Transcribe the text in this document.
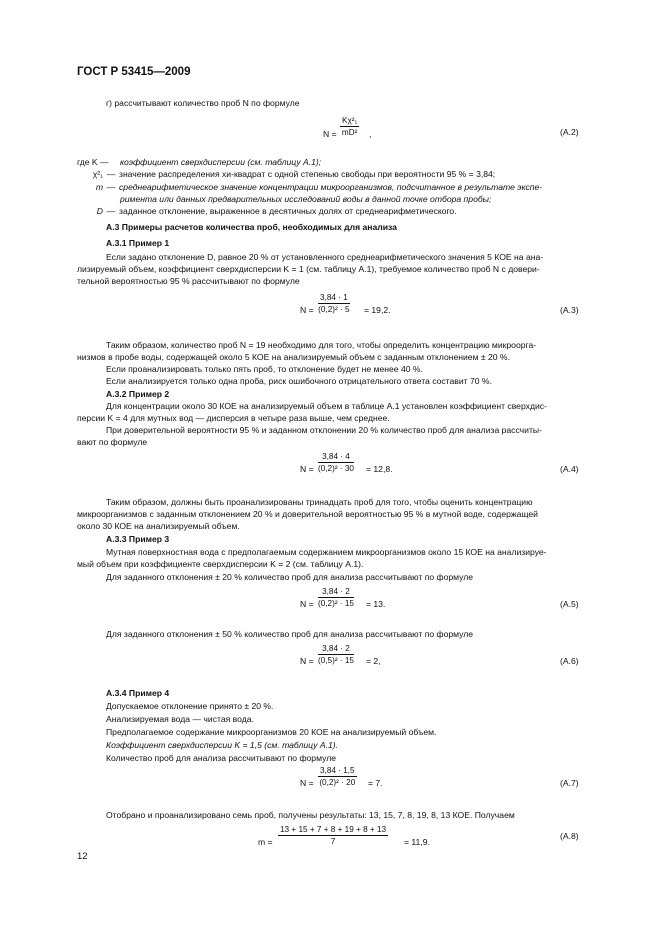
ГОСТ Р 53415—2009
г) рассчитывают количество проб N по формуле
$N = \frac{\text{Kχ²₁}}{\text{mD²}}$ ,	(А.2)
где K — коэффициент сверхдисперсии (см. таблицу А.1);
χ²₁ — значение распределения хи-квадрат с одной степенью свободы при вероятности 95 % = 3,84;
m — среднеарифметическое значение концентрации микроорганизмов, подсчитанное в результате экспе-
риментa или данных предварительных исследований воды в данной точке отбора пробы;
D — заданное отклонение, выраженное в десятичных долях от среднеарифметического.
А.3 Примеры расчетов количества проб, необходимых для анализа
А.3.1 Пример 1
Если задано отклонение D, равное 20 % от установленного среднеарифметического значения 5 КОЕ на ана-
лизируемый объем, коэффициент сверхдисперсии K = 1 (см. таблицу А.1), требуемое количество проб N с довери-
тельной вероятностью 95 % рассчитывают по формуле
$N = \frac{3,84 \cdot 1}{\text{(0,2)² · 5}} = 19,2$.	(А.3)
Таким образом, количество проб N = 19 необходимо для того, чтобы определить концентрацию микроорга-
низмов в пробе воды, содержащей около 5 КОЕ на анализируемый объем с заданным отклонением ± 20 %.
Если проанализировать только пять проб, то отклонение будет не менее 40 %.
Если анализируется только одна проба, риск ошибочного отрицательного ответа составит 70 %.
А.3.2 Пример 2
Для концентрации около 30 КОЕ на анализируемый объем в таблице А.1 установлен коэффициент сверхдис-
персии K = 4 для мутных вод — дисперсия в четыре раза выше, чем среднее.
При доверительной вероятности 95 % и заданном отклонении 20 % количество проб для анализа рассчиты-
вают по формуле
$N = \frac{3,84 \cdot 4}{\text{(0,2)² · 30}} = 12,8$.	(А.4)
Таким образом, должны быть проанализированы тринадцать проб для того, чтобы оценить концентрацию
микроорганизмов с заданным отклонением 20 % и доверительной вероятностью 95 % в мутной воде, содержащей
около 30 КОЕ на анализируемый объем.
А.3.3 Пример 3
Мутная поверхностная вода с предполагаемым содержанием микроорганизмов около 15 КОЕ на анализируе-
мый объем при коэффициенте сверхдисперсии K = 2 (см. таблицу А.1).
Для заданного отклонения ± 20 % количество проб для анализа рассчитывают по формуле
$N = \frac{3,84 \cdot 2}{\text{(0,2)² · 15}} = 13$.	(А.5)
Для заданного отклонения ± 50 % количество проб для анализа рассчитывают по формуле
$N = \frac{3,84 \cdot 2}{\text{(0,5)² · 15}} = 2$,	(А.6)
А.3.4 Пример 4
Допускаемое отклонение принято ± 20 %.
Анализируемая вода — чистая вода.
Предполагаемое содержание микроорганизмов 20 КОЕ на анализируемый объем.
Коэффициент сверхдисперсии K = 1,5 (см. таблицу А.1).
Количество проб для анализа рассчитывают по формуле
$N = \frac{3,84 \cdot 1,5}{\text{(0,2)² · 20}} = 7$.	(А.7)
Отобрано и проанализировано семь проб, получены результаты: 13, 15, 7, 8, 19, 8, 13 КОЕ. Получаем
$m = \frac{13 + 15 + 7 + 8 + 19 + 8 + 13}{7} = 11,9$.
(А.8)
12
